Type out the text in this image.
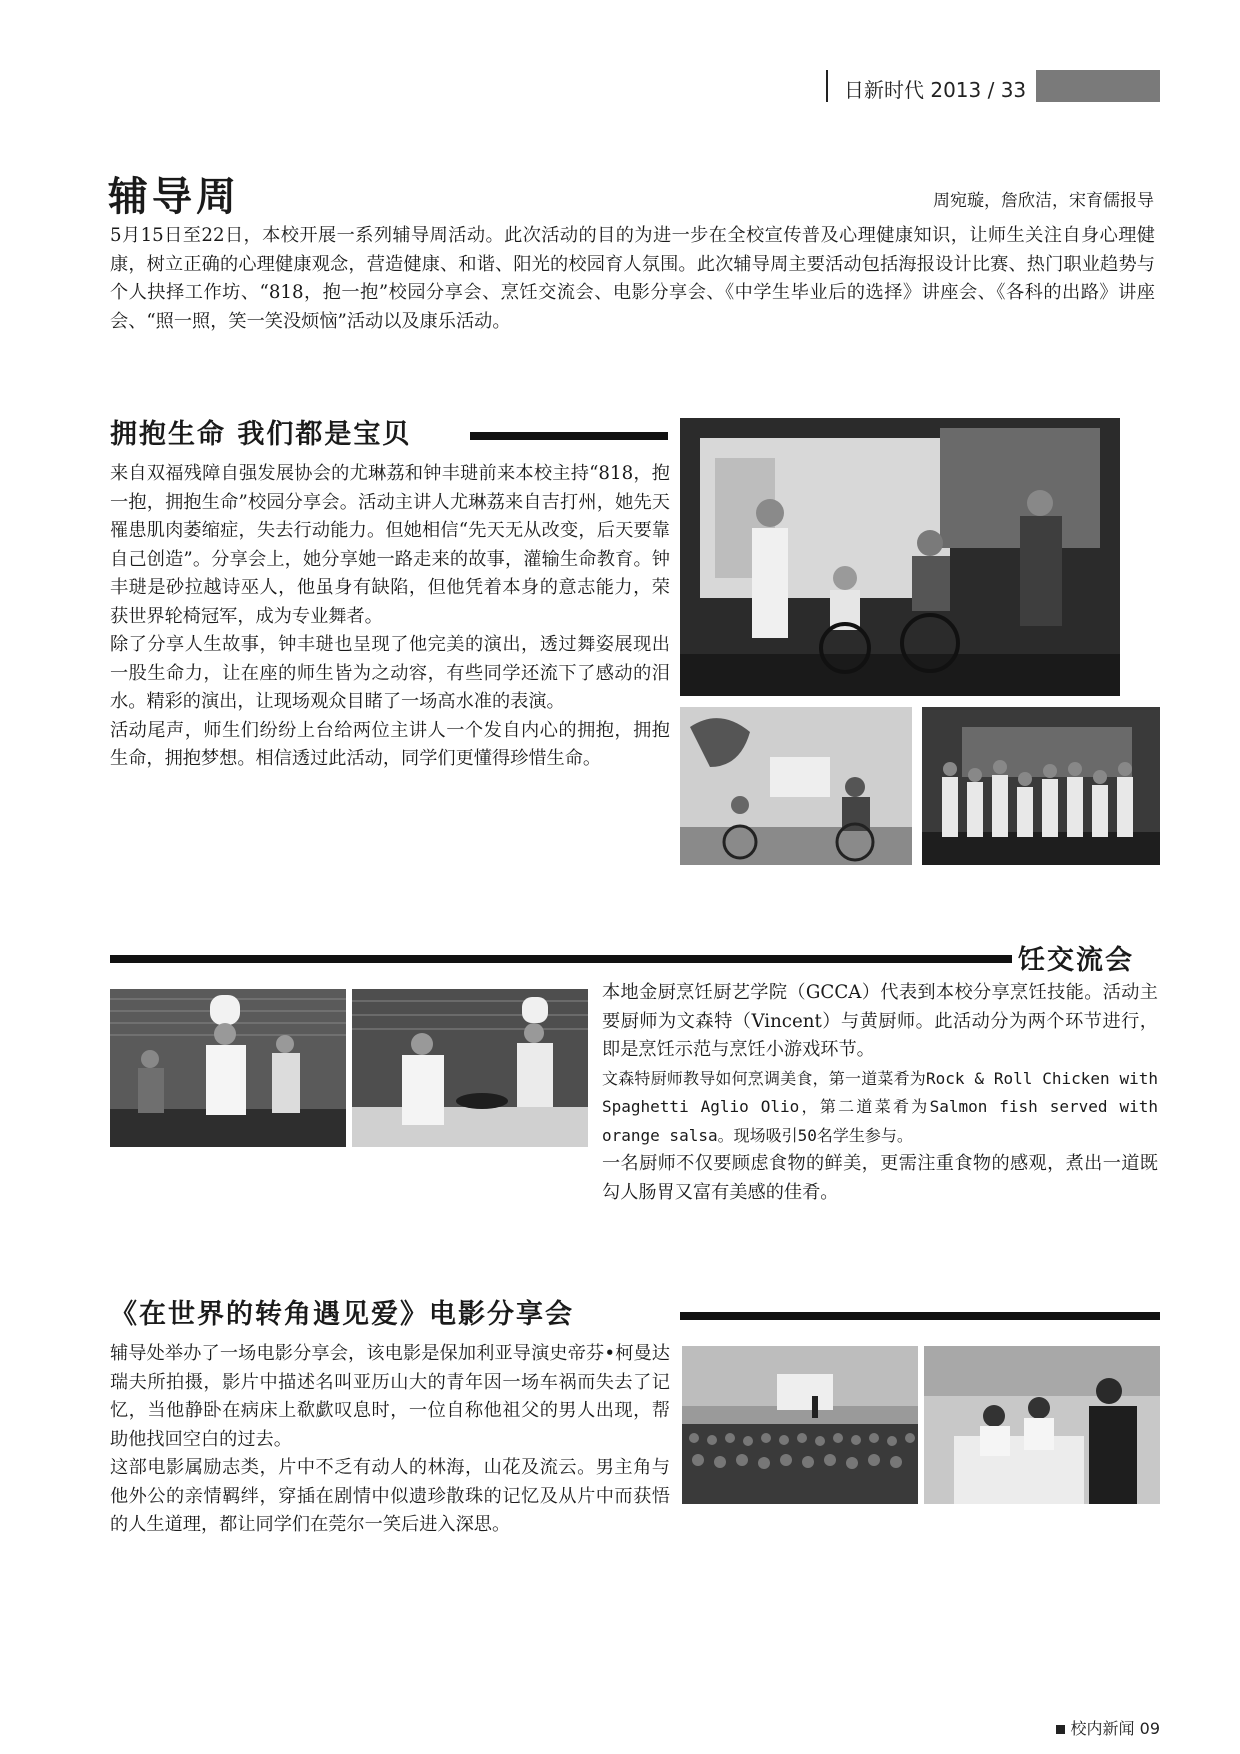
日新时代 2013 / 33
辅导周	周宛璇，詹欣洁，宋育儒报导

5月15日至22日，本校开展一系列辅导周活动。此次活动的目的为进一步在全校宣传普及心理健康知识，让师生关注自身心理健康，树立正确的心理健康观念，营造健康、和谐、阳光的校园育人氛围。此次辅导周主要活动包括海报设计比赛、热门职业趋势与个人抉择工作坊、“818，抱一抱”校园分享会、烹饪交流会、电影分享会、《中学生毕业后的选择》讲座会、《各科的出路》讲座会、“照一照，笑一笑没烦恼”活动以及康乐活动。

拥抱生命 我们都是宝贝

来自双福残障自强发展协会的尤琳荔和钟丰琎前来本校主持“818，抱一抱，拥抱生命”校园分享会。活动主讲人尤琳荔来自吉打州，她先天罹患肌肉萎缩症，失去行动能力。但她相信“先天无从改变，后天要靠自己创造”。分享会上，她分享她一路走来的故事，灌输生命教育。钟丰琎是砂拉越诗巫人，他虽身有缺陷，但他凭着本身的意志能力，荣获世界轮椅冠军，成为专业舞者。

除了分享人生故事，钟丰琎也呈现了他完美的演出，透过舞姿展现出一股生命力，让在座的师生皆为之动容，有些同学还流下了感动的泪水。精彩的演出，让现场观众目睹了一场高水准的表演。

活动尾声，师生们纷纷上台给两位主讲人一个发自内心的拥抱，拥抱生命，拥抱梦想。相信透过此活动，同学们更懂得珍惜生命。

饪交流会

本地金厨烹饪厨艺学院（GCCA）代表到本校分享烹饪技能。活动主要厨师为文森特（Vincent）与黄厨师。此活动分为两个环节进行，即是烹饪示范与烹饪小游戏环节。

文森特厨师教导如何烹调美食，第一道菜肴为Rock & Roll Chicken with Spaghetti Aglio Olio，第二道菜肴为Salmon fish served with orange salsa。现场吸引50名学生参与。

一名厨师不仅要顾虑食物的鲜美，更需注重食物的感观，煮出一道既勾人肠胃又富有美感的佳肴。

《在世界的转角遇见爱》电影分享会

辅导处举办了一场电影分享会，该电影是保加利亚导演史帝芬•柯曼达瑞夫所拍摄，影片中描述名叫亚历山大的青年因一场车祸而失去了记忆，当他静卧在病床上欷歔叹息时，一位自称他祖父的男人出现，帮助他找回空白的过去。

这部电影属励志类，片中不乏有动人的林海，山花及流云。男主角与他外公的亲情羁绊，穿插在剧情中似遗珍散珠的记忆及从片中而获悟的人生道理，都让同学们在莞尔一笑后进入深思。

校内新闻 09
